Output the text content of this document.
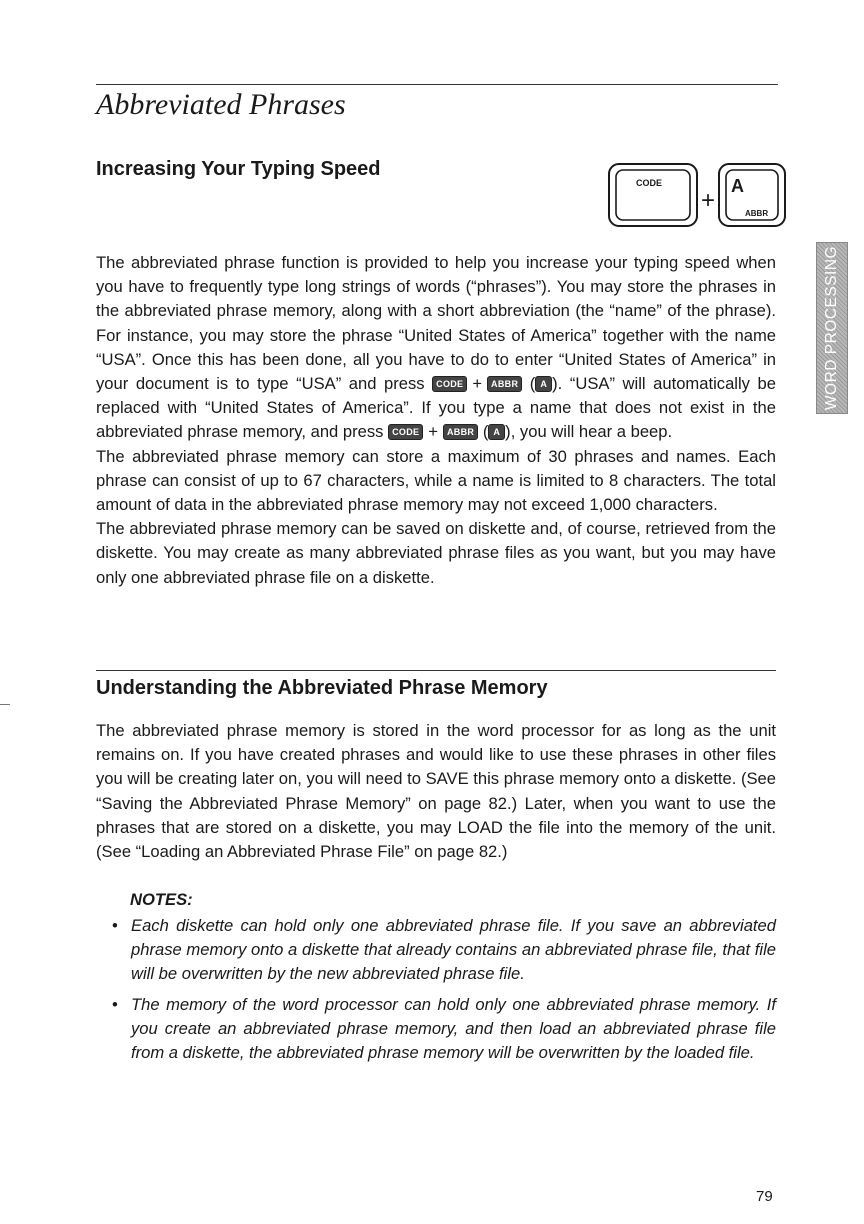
Abbreviated Phrases
Increasing Your Typing Speed
CODE
+
A
ABBR
WORD PROCESSING

The abbreviated phrase function is provided to help you increase your typing speed when you have to frequently type long strings of words (“phrases”). You may store the phrases in the abbreviated phrase memory, along with a short abbreviation (the “name” of the phrase). For instance, you may store the phrase “United States of America” together with the name “USA”. Once this has been done, all you have to do to enter “United States of America” in your document is to type “USA” and press CODE + ABBR ( A ). “USA” will automatically be replaced with “United States of America”. If you type a name that does not exist in the abbreviated phrase memory, and press CODE + ABBR ( A ), you will hear a beep.

The abbreviated phrase memory can store a maximum of 30 phrases and names. Each phrase can consist of up to 67 characters, while a name is limited to 8 characters. The total amount of data in the abbreviated phrase memory may not exceed 1,000 characters.

The abbreviated phrase memory can be saved on diskette and, of course, retrieved from the diskette. You may create as many abbreviated phrase files as you want, but you may have only one abbreviated phrase file on a diskette.

Understanding the Abbreviated Phrase Memory

The abbreviated phrase memory is stored in the word processor for as long as the unit remains on. If you have created phrases and would like to use these phrases in other files you will be creating later on, you will need to SAVE this phrase memory onto a diskette. (See “Saving the Abbreviated Phrase Memory” on page 82.) Later, when you want to use the phrases that are stored on a diskette, you may LOAD the file into the memory of the unit. (See “Loading an Abbreviated Phrase File” on page 82.)

NOTES:

• Each diskette can hold only one abbreviated phrase file. If you save an abbreviated phrase memory onto a diskette that already contains an abbreviated phrase file, that file will be overwritten by the new abbreviated phrase file.
• The memory of the word processor can hold only one abbreviated phrase memory. If you create an abbreviated phrase memory, and then load an abbreviated phrase file from a diskette, the abbreviated phrase memory will be overwritten by the loaded file.
79
